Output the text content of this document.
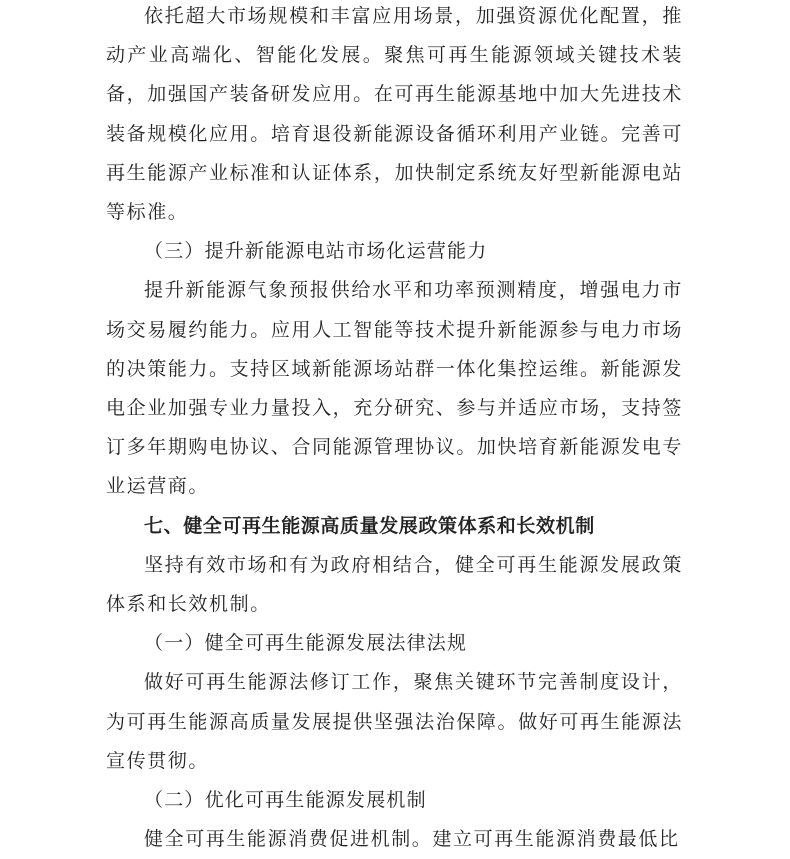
依托超大市场规模和丰富应用场景，加强资源优化配置，推动产业高端化、智能化发展。聚焦可再生能源领域关键技术装备，加强国产装备研发应用。在可再生能源基地中加大先进技术装备规模化应用。培育退役新能源设备循环利用产业链。完善可再生能源产业标准和认证体系，加快制定系统友好型新能源电站等标准。

（三）提升新能源电站市场化运营能力

提升新能源气象预报供给水平和功率预测精度，增强电力市场交易履约能力。应用人工智能等技术提升新能源参与电力市场的决策能力。支持区域新能源场站群一体化集控运维。新能源发电企业加强专业力量投入，充分研究、参与并适应市场，支持签订多年期购电协议、合同能源管理协议。加快培育新能源发电专业运营商。

七、健全可再生能源高质量发展政策体系和长效机制

坚持有效市场和有为政府相结合，健全可再生能源发展政策体系和长效机制。

（一）健全可再生能源发展法律法规

做好可再生能源法修订工作，聚焦关键环节完善制度设计，为可再生能源高质量发展提供坚强法治保障。做好可再生能源法宣传贯彻。

（二）优化可再生能源发展机制

健全可再生能源消费促进机制。建立可再生能源消费最低比
